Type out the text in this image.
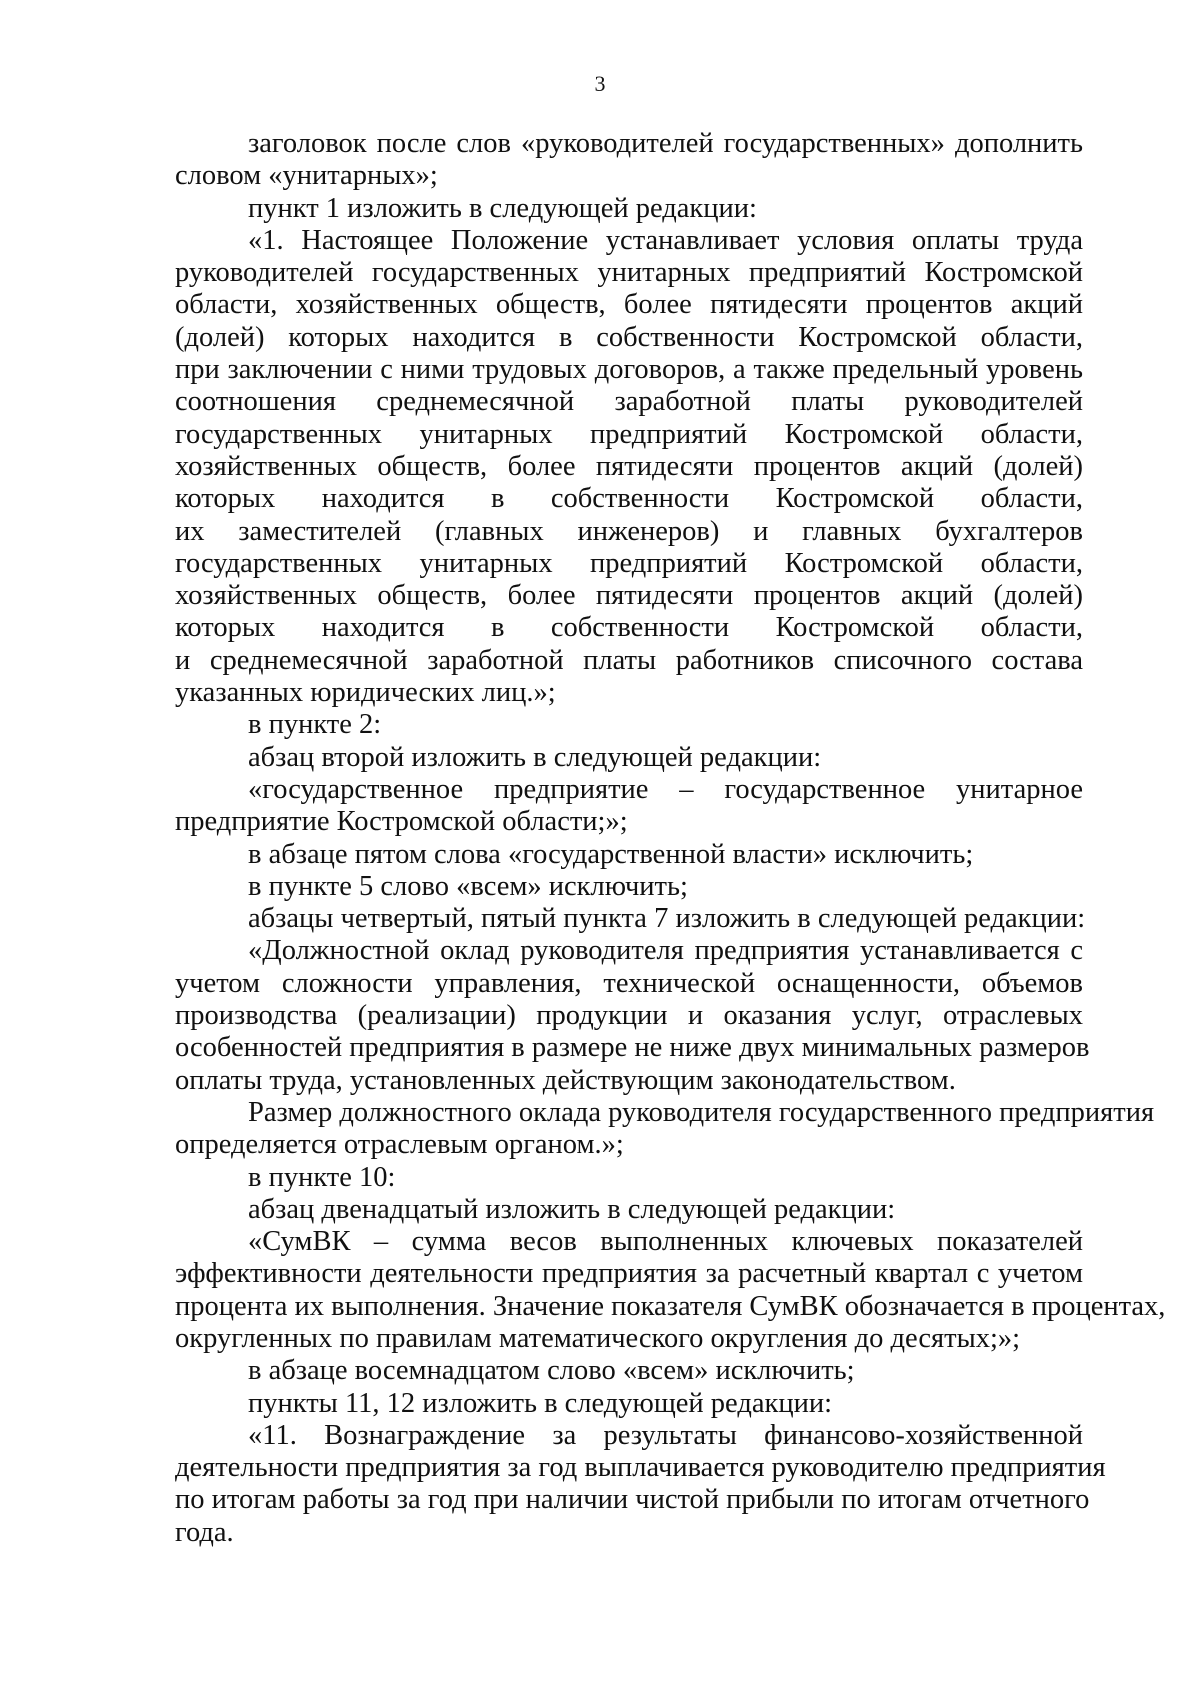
3

заголовок после слов «руководителей государственных» дополнить
словом «унитарных»;

пункт 1 изложить в следующей редакции:

«1. Настоящее Положение устанавливает условия оплаты труда
руководителей государственных унитарных предприятий Костромской
области, хозяйственных обществ, более пятидесяти процентов акций
(долей) которых находится в собственности Костромской области,
при заключении с ними трудовых договоров, а также предельный уровень
соотношения среднемесячной заработной платы руководителей
государственных унитарных предприятий Костромской области,
хозяйственных обществ, более пятидесяти процентов акций (долей)
которых находится в собственности Костромской области,
их заместителей (главных инженеров) и главных бухгалтеров
государственных унитарных предприятий Костромской области,
хозяйственных обществ, более пятидесяти процентов акций (долей)
которых находится в собственности Костромской области,
и среднемесячной заработной платы работников списочного состава
указанных юридических лиц.»;

в пункте 2:

абзац второй изложить в следующей редакции:

«государственное предприятие – государственное унитарное
предприятие Костромской области;»;

в абзаце пятом слова «государственной власти» исключить;

в пункте 5 слово «всем» исключить;

абзацы четвертый, пятый пункта 7 изложить в следующей редакции:

«Должностной оклад руководителя предприятия устанавливается с
учетом сложности управления, технической оснащенности, объемов
производства (реализации) продукции и оказания услуг, отраслевых
особенностей предприятия в размере не ниже двух минимальных размеров
оплаты труда, установленных действующим законодательством.

Размер должностного оклада руководителя государственного предприятия
определяется отраслевым органом.»;

в пункте 10:

абзац двенадцатый изложить в следующей редакции:

«СумВК – сумма весов выполненных ключевых показателей
эффективности деятельности предприятия за расчетный квартал с учетом
процента их выполнения. Значение показателя СумВК обозначается в процентах,
округленных по правилам математического округления до десятых;»;

в абзаце восемнадцатом слово «всем» исключить;

пункты 11, 12 изложить в следующей редакции:

«11. Вознаграждение за результаты финансово-хозяйственной
деятельности предприятия за год выплачивается руководителю предприятия
по итогам работы за год при наличии чистой прибыли по итогам отчетного
года.
